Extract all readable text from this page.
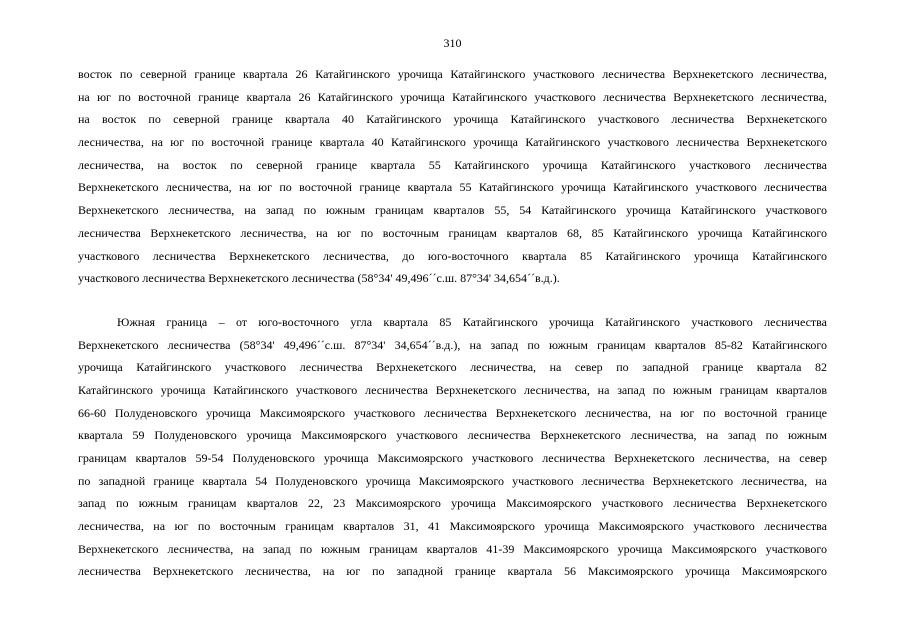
310
восток по северной границе квартала 26 Катайгинского урочища Катайгинского участкового лесничества Верхнекетского лесничества,
на юг по восточной границе квартала 26 Катайгинского урочища Катайгинского участкового лесничества Верхнекетского лесничества,
на восток по северной границе квартала 40 Катайгинского урочища Катайгинского участкового лесничества Верхнекетского
лесничества, на юг по восточной границе квартала 40 Катайгинского урочища Катайгинского участкового лесничества Верхнекетского
лесничества, на восток по северной границе квартала 55 Катайгинского урочища Катайгинского участкового лесничества
Верхнекетского лесничества, на юг по восточной границе квартала 55 Катайгинского урочища Катайгинского участкового лесничества
Верхнекетского лесничества, на запад по южным границам кварталов 55, 54 Катайгинского урочища Катайгинского участкового
лесничества Верхнекетского лесничества, на юг по восточным границам кварталов 68, 85 Катайгинского урочища Катайгинского
участкового лесничества Верхнекетского лесничества, до юго-восточного квартала 85 Катайгинского урочища Катайгинского
участкового лесничества Верхнекетского лесничества (58°34' 49,496´´с.ш. 87°34' 34,654´´в.д.).
Южная граница – от юго-восточного угла квартала 85 Катайгинского урочища Катайгинского участкового лесничества
Верхнекетского лесничества (58°34' 49,496´´с.ш. 87°34' 34,654´´в.д.), на запад по южным границам кварталов 85-82 Катайгинского
урочища Катайгинского участкового лесничества Верхнекетского лесничества, на север по западной границе квартала 82
Катайгинского урочища Катайгинского участкового лесничества Верхнекетского лесничества, на запад по южным границам кварталов
66-60 Полуденовского урочища Максимоярского участкового лесничества Верхнекетского лесничества, на юг по восточной границе
квартала 59 Полуденовского урочища Максимоярского участкового лесничества Верхнекетского лесничества, на запад по южным
границам кварталов 59-54 Полуденовского урочища Максимоярского участкового лесничества Верхнекетского лесничества, на север
по западной границе квартала 54 Полуденовского урочища Максимоярского участкового лесничества Верхнекетского лесничества, на
запад по южным границам кварталов 22, 23 Максимоярского урочища Максимоярского участкового лесничества Верхнекетского
лесничества, на юг по восточным границам кварталов 31, 41 Максимоярского урочища Максимоярского участкового лесничества
Верхнекетского лесничества, на запад по южным границам кварталов 41-39 Максимоярского урочища Максимоярского участкового
лесничества Верхнекетского лесничества, на юг по западной границе квартала 56 Максимоярского урочища Максимоярского
